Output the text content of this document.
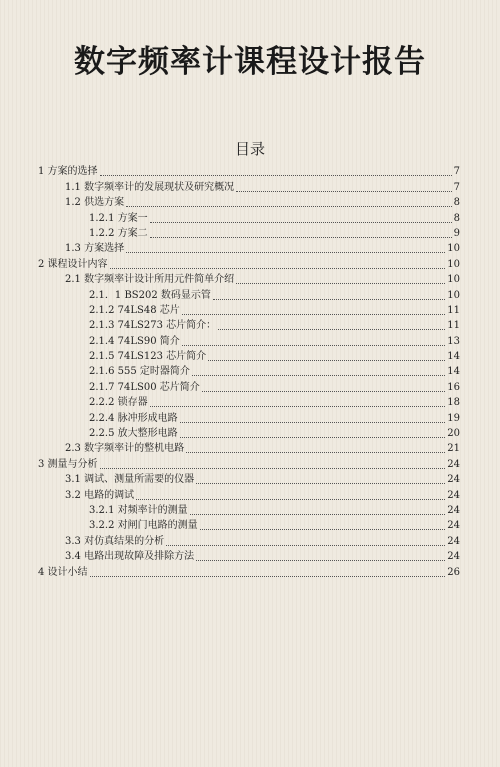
数字频率计课程设计报告
目录
1 方案的选择	7
1.1 数字频率计的发展现状及研究概况	7
1.2 供选方案	8
1.2.1 方案一	8
1.2.2 方案二	9
1.3 方案选择	10
2 课程设计内容	10
2.1 数字频率计设计所用元件简单介绍	10
2.1．1 BS202 数码显示管	10
2.1.2 74LS48 芯片	11
2.1.3 74LS273 芯片简介：	11
2.1.4 74LS90 简介	13
2.1.5 74LS123 芯片简介	14
2.1.6 555 定时器简介	14
2.1.7 74LS00 芯片简介	16
2.2.2 锁存器	18
2.2.4 脉冲形成电路	19
2.2.5 放大整形电路	20
2.3 数字频率计的整机电路	21
3 测量与分析	24
3.1 调试、测量所需要的仪器	24
3.2 电路的调试	24
3.2.1 对频率计的测量	24
3.2.2 对闸门电路的测量	24
3.3 对仿真结果的分析	24
3.4 电路出现故障及排除方法	24
4 设计小结	26
